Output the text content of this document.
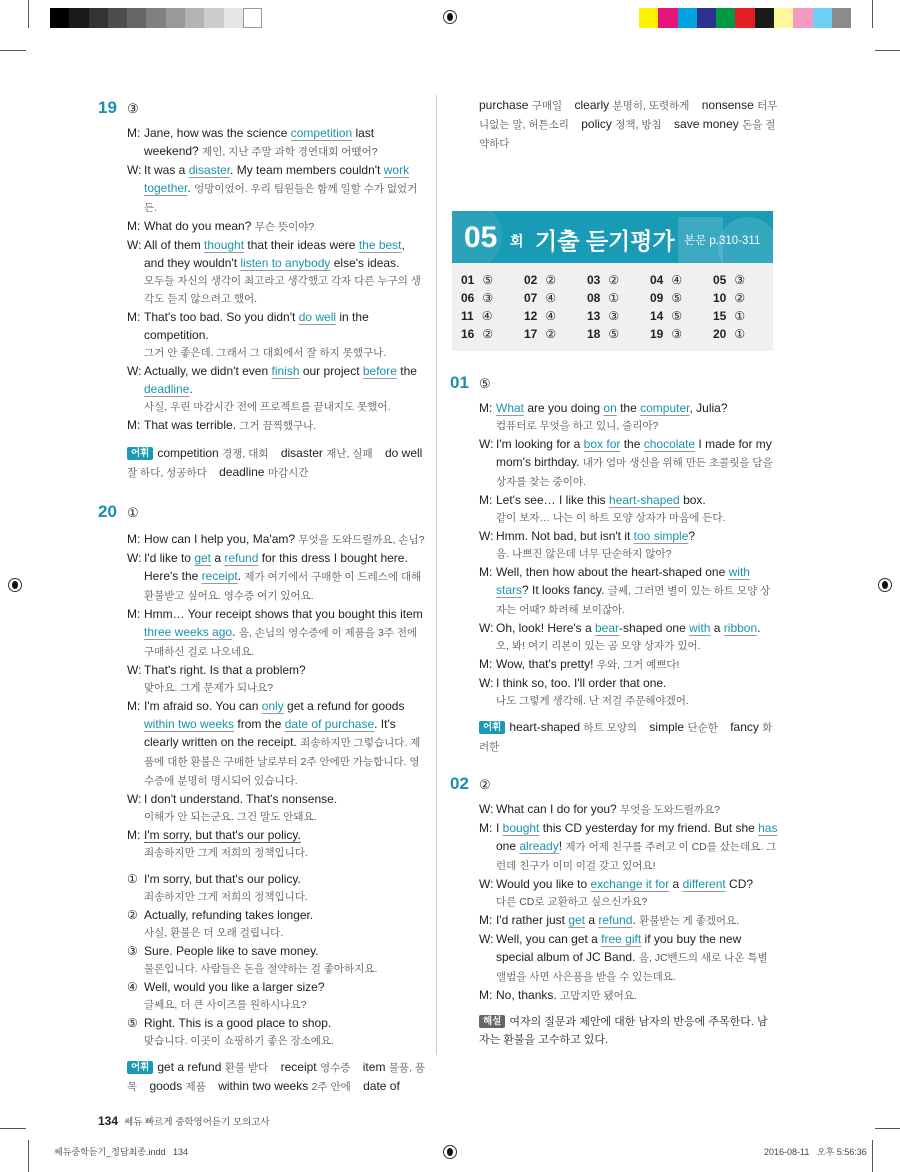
19 ③
M: Jane, how was the science competition last weekend? 제인, 지난 주말 과학 경연대회 어땠어?
W: It was a disaster. My team members couldn't work together. 엉망이었어. 우리 팀원들은 함께 일할 수가 없었거든.
M: What do you mean? 무슨 뜻이야?
W: All of them thought that their ideas were the best, and they wouldn't listen to anybody else's ideas.
모두들 자신의 생각이 최고라고 생각했고 각자 다른 누구의 생각도 듣지 않으려고 했어.
M: That's too bad. So you didn't do well in the competition.
그거 안 좋은데. 그래서 그 대회에서 잘 하지 못했구나.
W: Actually, we didn't even finish our project before the deadline.
사실, 우린 마감시간 전에 프로젝트를 끝내지도 못했어.
M: That was terrible. 그거 끔찍했구나.
어휘 competition 경쟁, 대회 disaster 재난, 실패 do well 잘 하다, 성공하다 deadline 마감시간
20 ①
M: How can I help you, Ma'am? 무엇을 도와드릴까요, 손님?
W: I'd like to get a refund for this dress I bought here. Here's the receipt. 제가 여기에서 구매한 이 드레스에 대해 환불받고 싶어요. 영수증 여기 있어요.
M: Hmm… Your receipt shows that you bought this item three weeks ago. 음, 손님의 영수증에 이 제품을 3주 전에 구매하신 걸로 나오네요.
W: That's right. Is that a problem?
맞아요. 그게 문제가 되나요?
M: I'm afraid so. You can only get a refund for goods within two weeks from the date of purchase. It's clearly written on the receipt. 죄송하지만 그렇습니다. 제품에 대한 환불은 구매한 날로부터 2주 안에만 가능합니다. 영수증에 분명히 명시되어 있습니다.
W: I don't understand. That's nonsense.
이해가 안 되는군요. 그건 말도 안돼요.
M: I'm sorry, but that's our policy.
죄송하지만 그게 저희의 정책입니다.
① I'm sorry, but that's our policy.
죄송하지만 그게 저희의 정책입니다.
② Actually, refunding takes longer.
사실, 환불은 더 오래 걸립니다.
③ Sure. People like to save money.
물론입니다. 사람들은 돈을 절약하는 걸 좋아하지요.
④ Well, would you like a larger size?
글쎄요, 더 큰 사이즈를 원하시나요?
⑤ Right. This is a good place to shop.
맞습니다. 이곳이 쇼핑하기 좋은 장소예요.
어휘 get a refund 환불 받다 receipt 영수증 item 물품, 품목 goods 제품 within two weeks 2주 안에 date of
134 쎄듀 빠르게 중학영어듣기 모의고사
purchase 구매일 clearly 분명히, 또렷하게 nonsense 터무니없는 말, 허튼소리 policy 정책, 방침 save money 돈을 절약하다
05 회 기출 듣기평가 본문 p.310-311
01 ⑤	02 ②	03 ②	04 ④	05 ③
06 ③	07 ④	08 ①	09 ⑤	10 ②
11 ④	12 ④	13 ③	14 ⑤	15 ①
16 ②	17 ②	18 ⑤	19 ③	20 ①
01 ⑤
M: What are you doing on the computer, Julia?
컴퓨터로 무엇을 하고 있니, 줄리아?
W: I'm looking for a box for the chocolate I made for my mom's birthday. 내가 엄마 생신을 위해 만든 초콜릿을 담을 상자를 찾는 중이야.
M: Let's see… I like this heart-shaped box.
같이 보자… 나는 이 하트 모양 상자가 마음에 든다.
W: Hmm. Not bad, but isn't it too simple?
음. 나쁘진 않은데 너무 단순하지 않아?
M: Well, then how about the heart-shaped one with stars? It looks fancy. 글쎄, 그러면 별이 있는 하트 모양 상자는 어때? 화려해 보이잖아.
W: Oh, look! Here's a bear-shaped one with a ribbon.
오, 봐! 여기 리본이 있는 곰 모양 상자가 있어.
M: Wow, that's pretty! 우와, 그거 예쁘다!
W: I think so, too. I'll order that one.
나도 그렇게 생각해. 난 저걸 주문해야겠어.
어휘 heart-shaped 하트 모양의 simple 단순한 fancy 화려한
02 ②
W: What can I do for you? 무엇을 도와드릴까요?
M: I bought this CD yesterday for my friend. But she has one already! 제가 어제 친구를 주려고 이 CD를 샀는데요. 그런데 친구가 이미 이걸 갖고 있어요!
W: Would you like to exchange it for a different CD?
다른 CD로 교환하고 싶으신가요?
M: I'd rather just get a refund. 환불받는 게 좋겠어요.
W: Well, you can get a free gift if you buy the new special album of JC Band. 음, JC밴드의 새로 나온 특별 앨범을 사면 사은품을 받을 수 있는데요.
M: No, thanks. 고맙지만 됐어요.
해설 여자의 질문과 제안에 대한 남자의 반응에 주목한다. 남자는 환불을 고수하고 있다.
쎄듀중학듣기_정답최종.indd   134	2016-08-11   오후 5:56:36
